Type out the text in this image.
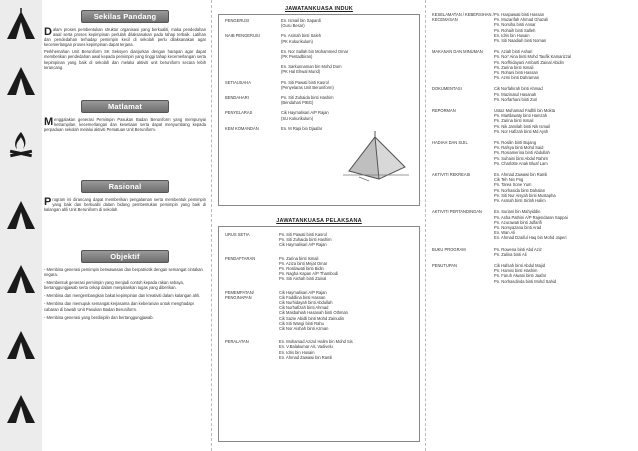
Sekilas Pandang

Dalam proses pembentukan struktur organisasi yang berkualiti, maka pendedahan awal serta proses kepimpinan perlulah dilaksanakan pada tahap terbaik. Latihan dan pendedahan terhadap pemimpin kecil di sekolah perlu dilaksanakan agar kecemerlangan proses kepimpinan dapat terjana.

Perkhemahan Unit Beruniform SK Seksyen dianjurkan dengan harapan agar dapat memberikan pendedahan awal kepada pemimpin yang tinggi tahap kecemerlangan serta kepimpinan yang baik di sekolah dan melalui aktiviti unit beruniform secara lebih terancang.

Matlamat

Menggalakan generasi Pemimpin Pasukan Badan Beruniform yang mempunyai ketrampilan, kecemerlangan dan kesetiaan serta dapat menyumbang kepada perpaduan sekolah melalui aktiviti Persatuan Unit Beruniform.

Rasional

Program ini dirancang dapat memberikan pengalaman serta membentuk pemimpin yang baik dan berkualiti dalam bidang pembentukan pemimpin yang baik di kalangan ahli Unit Beruniform di sekolah.

Objektif
- Membina generasi pemimpin berwawasan dan berpatriotik dengan semangat cintakan negara.
- Membentuk generasi pemimpin yang menjadi contoh kepada rakan sebaya, bertanggungjawab serta cekap dalam menjalankan tugas yang diberikan.
- Membina dan mengembangkan bakat kepimpinan dan kreativiti dalam kalangan ahli.
- Membina dan memupuk semangat kerjasama dan keberanian untuk menghadapi cabaran di bawah Unit Pasukan Badan Beruniform.
- Membina generasi yang berdisiplin dan bertanggungjawab.
JAWATANKUASA INDUK
PENGERUSI	En. Ismail bin Sapardi
(Guru Besar)
NAIB PENGERUSI	Pn. Asmah binti Saleh
(PK Kokurikulum)
En. Nor Sallah bin Mohammed Omar
(PK Pentadbiran)
En. Sarkunnaman bin Mohd Dom
(PK Hal Ehwal Murid)
SETIAUSAHA	Pn. Siti Pawati binti Kasrol
(Penyelaras Unit Beruniform)
BENDAHARI	Pn. Siti Zuhaida binti Hashim
(Bendahari PIBG)
PENYELARAS	Cik Haymalisari A/P Rajan
(SU Kokurikulum)
KEM KOMANDAN	En. M Rapi bin Djaafar
JAWATANKUASA PELAKSANA
URUS SETIA	Pn. Siti Pawati binti Kasrol
Pn. Siti Zuhaida binti Hashim
Cik Haymalisari A/P Rajan
PENDAFTARAN	Pn. Zarina binti Ismail
Pn. Aziza binti Mejat Omar
Pn. Rosilawati binti Bidin
Pn. Nagha Kapan A/P Thambodi
Pn. Siti Aishah binti Zainal
PEMEMPATAN/ PENGINAPAN
Cik Haymalisari A/P Rajan
Cik Faddlina binti Hassan
Cik Nurhidayah binti Abdullah
Cik Norhafizah binti Ahmad
Cik Masbahiah Hasanah binti Othman
Cik Sazie Abidli binti Mohd Zainudin
Cik Siti Wangi binti Rahu
Cik Nor Aishah binti Azman
PERALATAN	En. Mohamad Azizul Halim bin Mohd Sis
En. V.Balakumar A/L Vadivelu
En. Idris bin Husain
En. Ahmad Zawawi bin Ramli
KESELAMATAN / KEBERSIHAN / KECEMASAN
Pn. Haspawati binti Hassan
Pn. Muzarifah Ahmad Ghazali
Pn. Norsiha binti Ansar
Pn. Rohaih binti Salleh
En. Idris bin Husain
Pn. Siti Naadiah binti Noman
MAKANAN DAN MINUMAN	Pn. Aziah binti Ashari
Pn. Nor' Aina binti Mohd Taufik Kamarizzal
Pn. Norfhidayani Ambarti Zainal Abidin
Pn. Zarina binti Ismail
Pn. Rohani binti Hassan
Pn. Azmi binti Dahraman
DOKUMENTASI	Cik Norfahirah binti Ahmad
Pn. Mazinatul Hasanah
Pn. Norfarhani binti Zuri
REPORMAN	Ustaz Muhamad Fadhli bin Mokta
Pn. Martilawaty binti Hamzah
Pn. Zarina binti Ismail
Pn. Nik Jamilah binti Nik Ismail
Pn. Nor Hafizah binti Md Aysh
HADIAH DAN SIJIL	Pn. Rosilin binti Bujang
Pn. Rafsya binti Mohd Said
Pn. Rosiamerina binti Abdullah
Pn. Suhaini binti Abdul Rahim
Pn. Charlotte Anak Bluaf Lam
AKTIVITI REKREASI	En. Ahmad Zawawi bin Ramli
Cik Teh Nin Png
Pn. Tarea Sone Yum
Pn. Norhasida binti Dahalan
Pn. Siti Nur Aisyah binti Mustapha
Pn. Asmah binti Sirlah Halim
AKTIVITI PERTANDINGAN	En. Suriani bin Mahyiddin
Pn. Asha Pathini A/P Rajendaran Sappai
Pn. Azurawati binti Julfarifi
Pn. Norsyazana binti Arad
En. Wan Ali
En. Ahmad Dzaiful Haq bin Mohd Japeri
BUKU PROGRAM	Pn. Rowena binti Abd Aziz
Pn. Zalina binti Ali
PENUTUPAN	Cik Hafsah binti Abdul Majid
Pn. Hamisi binti Hashim
Pn. Faruh Alwani binti Jaafar
Pn. Norhasdinda binti Mohd Sahid
